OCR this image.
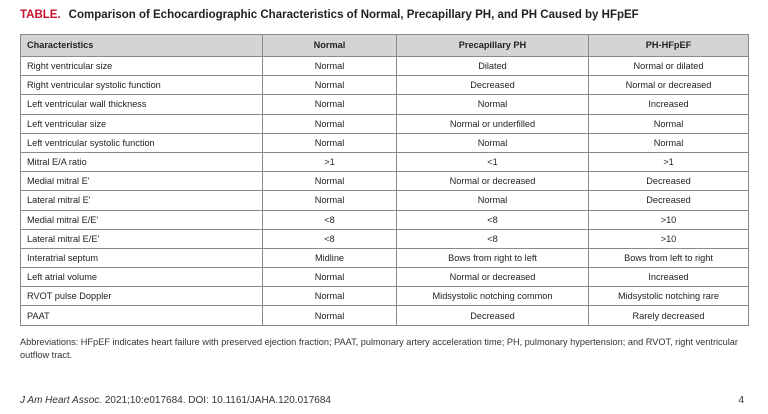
TABLE. Comparison of Echocardiographic Characteristics of Normal, Precapillary PH, and PH Caused by HFpEF
Characteristics	Normal	Precapillary PH	PH-HFpEF
Right ventricular size	Normal	Dilated	Normal or dilated
Right ventricular systolic function	Normal	Decreased	Normal or decreased
Left ventricular wall thickness	Normal	Normal	Increased
Left ventricular size	Normal	Normal or underfilled	Normal
Left ventricular systolic function	Normal	Normal	Normal
Mitral E/A ratio	>1	<1	>1
Medial mitral E'	Normal	Normal or decreased	Decreased
Lateral mitral E'	Normal	Normal	Decreased
Medial mitral E/E'	<8	<8	>10
Lateral mitral E/E'	<8	<8	>10
Interatrial septum	Midline	Bows from right to left	Bows from left to right
Left atrial volume	Normal	Normal or decreased	Increased
RVOT pulse Doppler	Normal	Midsystolic notching common	Midsystolic notching rare
PAAT	Normal	Decreased	Rarely decreased
Abbreviations: HFpEF indicates heart failure with preserved ejection fraction; PAAT, pulmonary artery acceleration time; PH, pulmonary hypertension; and RVOT, right ventricular outflow tract.
J Am Heart Assoc. 2021;10:e017684. DOI: 10.1161/JAHA.120.017684	4
